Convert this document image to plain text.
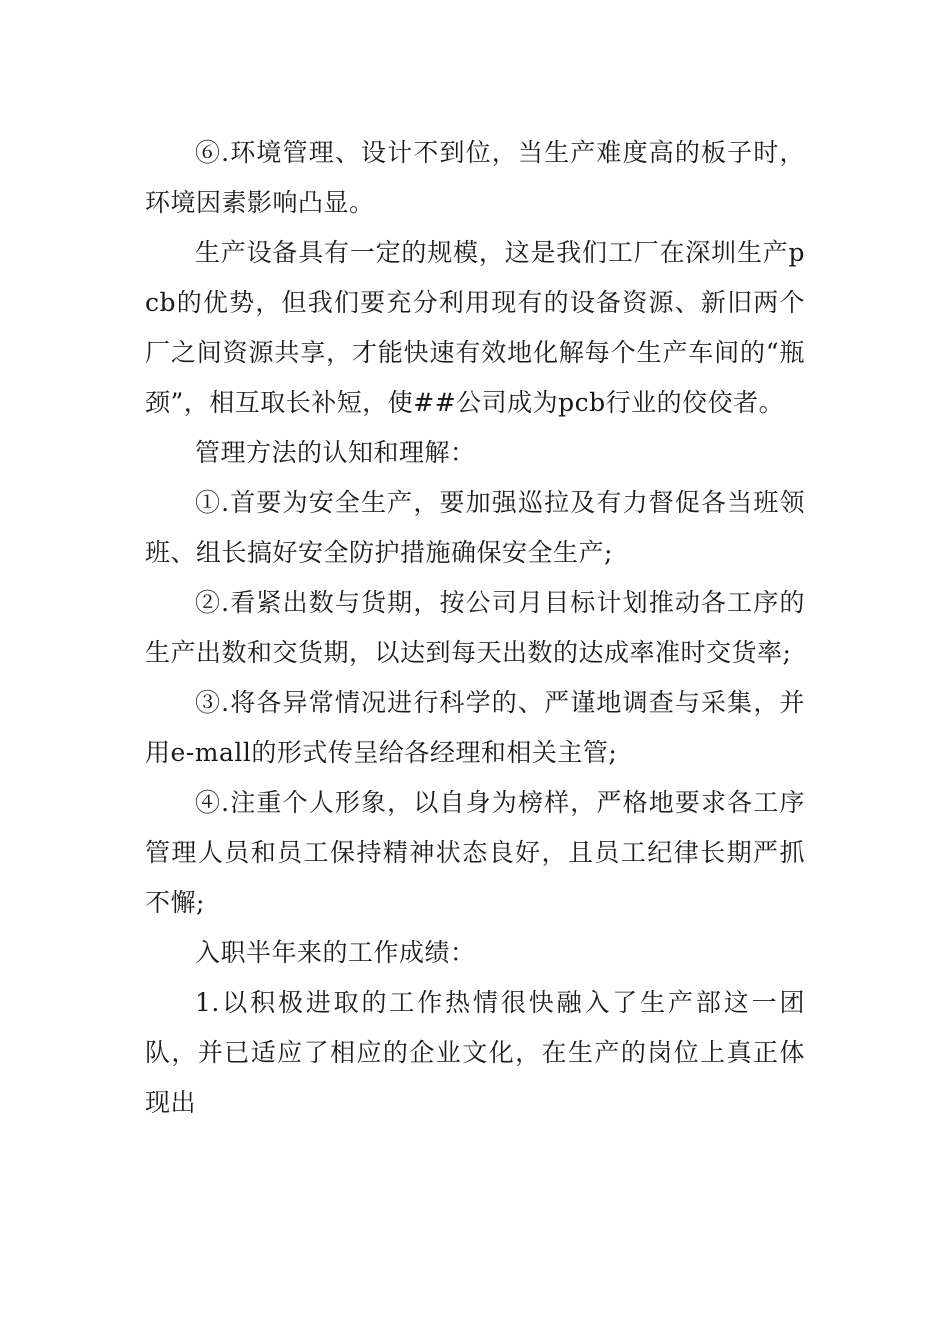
⑥.环境管理、设计不到位，当生产难度高的板子时，环境因素影响凸显。

生产设备具有一定的规模，这是我们工厂在深圳生产pcb的优势，但我们要充分利用现有的设备资源、新旧两个厂之间资源共享，才能快速有效地化解每个生产车间的“瓶颈”，相互取长补短，使##公司成为pcb行业的佼佼者。

管理方法的认知和理解：

①.首要为安全生产，要加强巡拉及有力督促各当班领班、组长搞好安全防护措施确保安全生产;

②.看紧出数与货期，按公司月目标计划推动各工序的生产出数和交货期，以达到每天出数的达成率准时交货率;

③.将各异常情况进行科学的、严谨地调查与采集，并用e-mall的形式传呈给各经理和相关主管;

④.注重个人形象，以自身为榜样，严格地要求各工序管理人员和员工保持精神状态良好，且员工纪律长期严抓不懈;

入职半年来的工作成绩：

1.以积极进取的工作热情很快融入了生产部这一团队，并已适应了相应的企业文化，在生产的岗位上真正体现出
